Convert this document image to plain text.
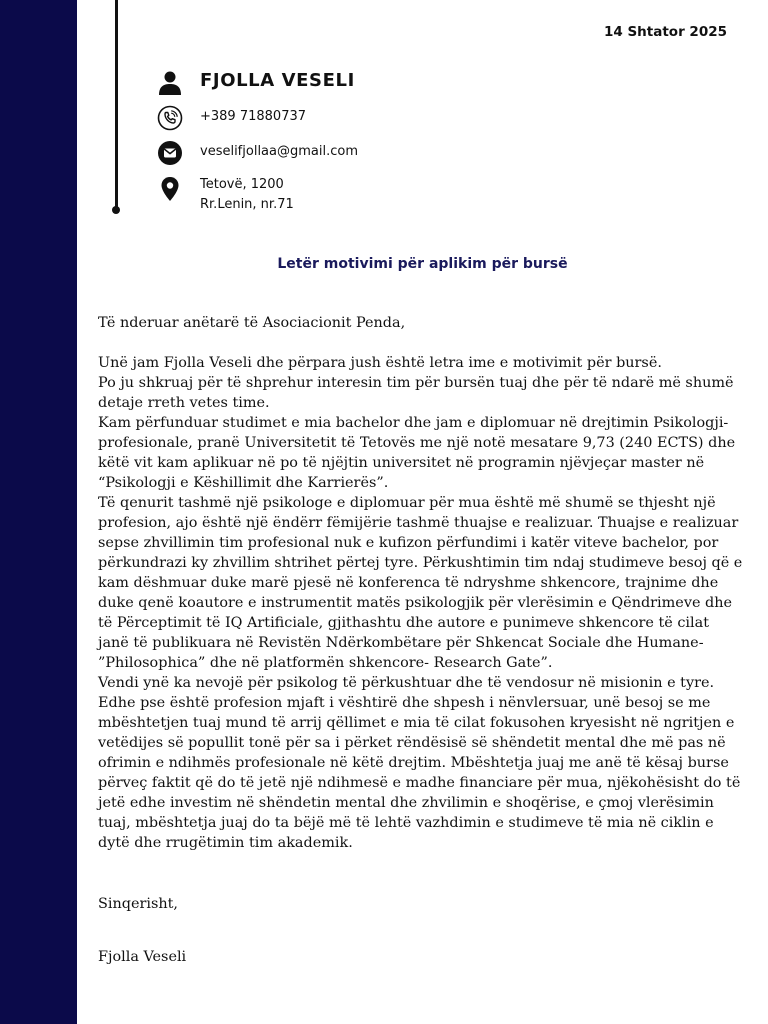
14 Shtator 2025
FJOLLA VESELI
+389 71880737
veselifjollaa@gmail.com
Tetovë, 1200
Rr.Lenin, nr.71
Letër motivimi për aplikim për bursë

Të nderuar anëtarë të Asociacionit Penda,

Unë jam Fjolla Veseli dhe përpara jush është letra ime e motivimit për bursë.

Po ju shkruaj për të shprehur interesin tim për bursën tuaj dhe për të ndarë më shumë detaje rreth vetes time.

Kam përfunduar studimet e mia bachelor dhe jam e diplomuar në drejtimin Psikologji-profesionale, pranë Universitetit të Tetovës me një notë mesatare 9,73 (240 ECTS) dhe këtë vit kam aplikuar në po të njëjtin universitet në programin njëvjeçar master në “Psikologji e Këshillimit dhe Karrierës”.

Të qenurit tashmë një psikologe e diplomuar për mua është më shumë se thjesht një profesion, ajo është një ëndërr fëmijërie tashmë thuajse e realizuar. Thuajse e realizuar sepse zhvillimin tim profesional nuk e kufizon përfundimi i katër viteve bachelor, por përkundrazi ky zhvillim shtrihet përtej tyre. Përkushtimin tim ndaj studimeve besoj që e kam dëshmuar duke marë pjesë në konferenca të ndryshme shkencore, trajnime dhe duke qenë koautore e instrumentit matës psikologjik për vlerësimin e Qëndrimeve dhe të Përceptimit të IQ Artificiale, gjithashtu dhe autore e punimeve shkencore të cilat janë të publikuara në Revistën Ndërkombëtare për Shkencat Sociale dhe Humane- ”Philosophica” dhe në platformën shkencore- Research Gate”.

Vendi ynë ka nevojë për psikolog të përkushtuar dhe të vendosur në misionin e tyre. Edhe pse është profesion mjaft i vështirë dhe shpesh i nënvlersuar, unë besoj se me mbështetjen tuaj mund të arrij qëllimet e mia të cilat fokusohen kryesisht në ngritjen e vetëdijes së popullit tonë për sa i përket rëndësisë së shëndetit mental dhe më pas në ofrimin e ndihmës profesionale në këtë drejtim. Mbështetja juaj me anë të kësaj burse përveç faktit që do të jetë një ndihmesë e madhe financiare për mua, njëkohësisht do të jetë edhe investim në shëndetin mental dhe zhvilimin e shoqërise, e çmoj vlerësimin tuaj, mbështetja juaj do ta bëjë më të lehtë vazhdimin e studimeve të mia në ciklin e dytë dhe rrugëtimin tim akademik.

Sinqerisht,
Fjolla Veseli
